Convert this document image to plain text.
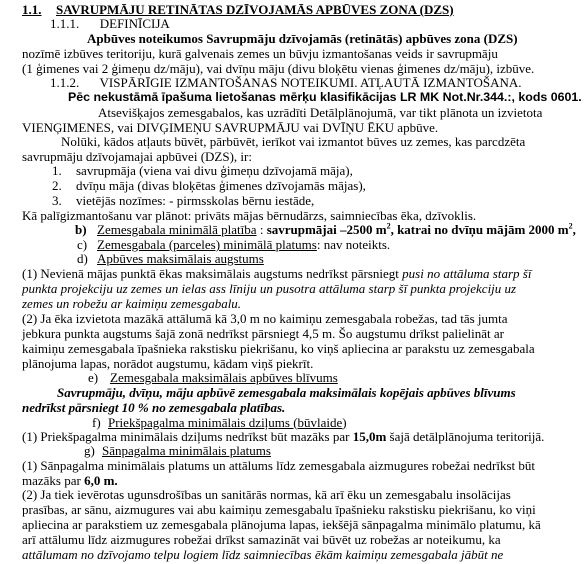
1.1. SAVRUPMĀJU RETINĀTAS DZĪVOJAMĀS APBŪVES ZONA (DZS)
1.1.1. DEFINĪCIJA
Apbūves noteikumos Savrupmāju dzīvojamās (retinātās) apbūves zona (DZS)
nozīmē izbūves teritoriju, kurā galvenais zemes un būvju izmantošanas veids ir savrupmāju
(1 ģimenes vai 2 ģimeņu dz/māju), vai dvīņu māju (divu bloķētu vienas ģimenes dz/māju), izbūve.
1.1.2. VISPĀRĪGIE IZMANTOŠANAS NOTEIKUMI. ATĻAUTĀ IZMANTOŠANA.
Pēc nekustāmā īpašuma lietošanas mērķu klasifikācijas LR MK Not.Nr.344.:, kods 0601.
Atsevišķajos zemesgabalos, kas uzrādīti Detālplānojumā, var tikt plānota un izvietota
VIENĢIMENES, vai DIVĢIMEŅU SAVRUPMĀJU vai DVĪŅU ĒKU apbūve.
Nolūki, kādos atļauts būvēt, pārbūvēt, ierīkot vai izmantot būves uz zemes, kas parcdzēta
savrupmāju dzīvojamajai apbūvei (DZS), ir:
1. savrupmāja (viena vai divu ģimeņu dzīvojamā māja),
2. dvīņu māja (divas bloķētas ģimenes dzīvojamās mājas),
3. vietējās nozīmes: - pirmsskolas bērnu iestāde,
Kā palīgizmantošanu var plānot: privāts mājas bērnudārzs, saimniecības ēka, dzīvoklis.
b) Zemesgabala minimālā platība : savrupmājai –2500 $m^2$, katrai no dvīņu mājām 2000 $m^2$,
c) Zemesgabala (parceles) minimālā platums: nav noteikts.
d) Apbūves maksimālais augstums
(1) Nevienā mājas punktā ēkas maksimālais augstums nedrīkst pārsniegt pusi no attāluma starp šī
punkta projekciju uz zemes un ielas ass līniju un pusotra attāluma starp šī punkta projekciju uz
zemes un robežu ar kaimiņu zemesgabalu.
(2) Ja ēka izvietota mazākā attālumā kā 3,0 m no kaimiņu zemesgabala robežas, tad tās jumta
jebkura punkta augstums šajā zonā nedrīkst pārsniegt 4,5 m. Šo augstumu drīkst palielināt ar
kaimiņu zemesgabala īpašnieka rakstisku piekrišanu, ko viņš apliecina ar parakstu uz zemesgabala
plānojuma lapas, norādot augstumu, kādam viņš piekrīt.
e) Zemesgabala maksimālais apbūves blīvums
Savrupmāju, dvīņu, māju apbūvē zemesgabala maksimālais kopējais apbūves blīvums
nedrīkst pārsniegt 10 % no zemesgabala platības.
f) Priekšpagalma minimālais dziļums (būvlaide)
(1) Priekšpagalma minimālais dziļums nedrīkst būt mazāks par 15,0m šajā detālplānojuma teritorijā.
g) Sānpagalma minimālais platums
(1) Sānpagalma minimālais platums un attālums līdz zemesgabala aizmugures robežai nedrīkst būt
mazāks par 6,0 m.
(2) Ja tiek ievērotas ugunsdrošības un sanitārās normas, kā arī ēku un zemesgabalu insolācijas
prasības, ar sānu, aizmugures vai abu kaimiņu zemesgabalu īpašnieku rakstisku piekrišanu, ko viņi
apliecina ar parakstiem uz zemesgabala plānojuma lapas, iekšējā sānpagalma minimālo platumu, kā
arī attālumu līdz aizmugures robežai drīkst samazināt vai būvēt uz robežas ar noteikumu, ka
attālumam no dzīvojamo telpu logiem līdz saimniecības ēkām kaimiņu zemesgabala jābūt ne
